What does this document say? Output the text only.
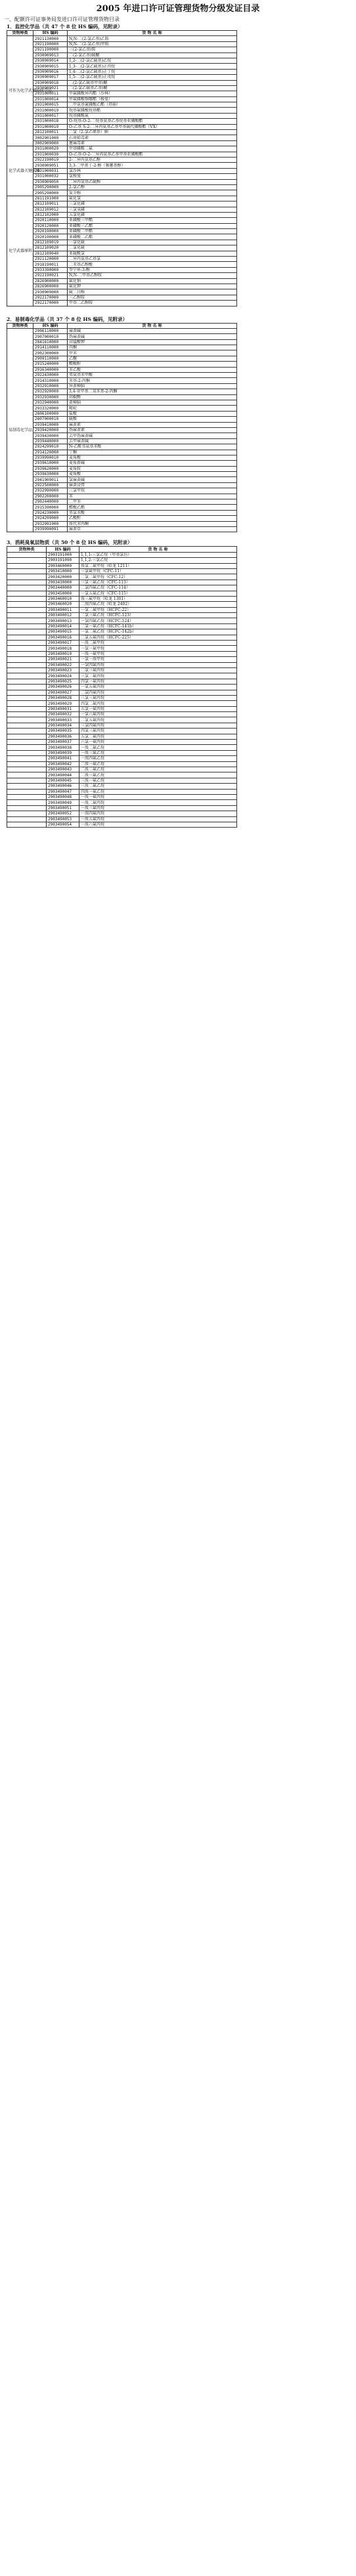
2005 年进口许可证管理货物分级发证目录
一、配额许可证事务局发进口许可证管理货物目录
1．监控化学品（共 47 个 8 位 HS 编码，见附录）
货物种类	HS 编码	货 物 名 称
可作为化学武器的化学品	2921130000	N,N-二(2-氯乙基)乙胺
	2921190000	N,N-二(2-氯乙基)甲胺
	2921190000	三(2-氯乙基)胺
	2930909013	二(2-氯乙基)硫醚
	2930909014	1,2-二(2-氯乙硫基)乙烷
	2930909015	1,3-二(2-氯乙硫基)正丙烷
	2930909016	1,4-二(2-氯乙硫基)正丁烷
	2930909017	1,5-二(2-氯乙硫基)正戊烷
	2930909018	二(2-氯乙硫基甲基)醚
	2930909021	二(2-氯乙硫基乙基)醚
	2931000011	甲氟膦酸异丙酯（沙林）
	2931000014	甲氟膦酸频哪酯（梭曼）
	2931000015	二甲氨基氰膦酸乙酯（塔崩）
	2931000019	烷基氟膦酸烷基酯
	2931000017	烷基膦酰氟
	2931000018	O-烷基-O-2-二烷基氨基乙基烷基亚膦酸酯
	2931000019	O-乙基 S-2-二异丙氨基乙基甲基硫代膦酸酯（VX）
	2812100011	二氯（2-氯乙烯基）胂
	3002901000	石房蛤毒素
	3002909000	蓖麻毒素
化学武器关键前体	2931000029	甲基膦酰二氟
	2931000030	O-乙基-O-2-二异丙氨基乙基甲基亚膦酸酯
	2922190019	2-二异丙氨基乙醇
	2930909051	3,3-二甲基丁-2-醇（频哪基醇）
	2931000031	氯沙林
	2931000032	氯梭曼
	2930909050	二异丙氨基乙硫醇
	2905290000	2-氯乙醇
	2905290000	氮芥醇
化学武器原料	2811191000	氟化氢
	2812109011	三氯化磷
	2812109012	三氯氧磷
	2812102000	五氯化磷
	2920110000	亚磷酸三甲酯
	2920120000	亚磷酸三乙酯
	2920190000	亚磷酸二甲酯
	2920190000	亚磷酸二乙酯
	2812109019	一氯化硫
	2812109020	二氯化硫
	2812109040	亚硫酰氯
	2921120000	二异丙氨基乙基氯
	2918190011	二苯基乙醇酸
	2933390000	奎宁环-3-醇
	2922190021	N,N-二甲基乙醇胺
	2826900000	氟化钠
	2826900000	氟化钾
	2930909000	硫二甘醇
	2922170000	三乙醇胺
	2922170000	甲基二乙醇胺
2．易制毒化学品（共 37 个 8 位 HS 编码，见附录）
货物种类	HS 编码	货 物 名 称
易制毒化学品	2906110000	麻黄碱
	2907000010	伪麻黄碱
	2841610000	高锰酸钾
	2914110000	丙酮
	2902300000	甲苯
	2909110000	乙醚
	2915240000	醋酸酐
	2916340000	苯乙酸
	2922430000	邻氨基苯甲酸
	2914310000	苯基-2-丙酮
	2932910000	异黄樟脑
	2932920000	3,4-亚甲基二氧苯基-2-丙酮
	2932930000	胡椒醛
	2932940000	黄樟脑
	2933320000	哌啶
	2806100000	盐酸
	2807000010	硫酸
	2939410000	麻黄素
	2939420000	伪麻黄素
	2939430000	去甲伪麻黄碱
	2939440000	去甲麻黄碱
	2924299010	N-乙酰邻氨基苯酸
	2914120000	丁酮
	2939990010	麦角酸
	2939610000	麦角新碱
	2939620000	麦角胺
	2939630000	麦角酸
	2941909011	氯麻黄碱
	2922500000	麻黄浸膏
	2932990000	三氯甲烷
	2902200000	苯
	2902440000	二甲苯
	2915390000	醋酸乙酯
	2924230000	邻氯苯酸
	2924299000	乙酸酐
	2932991000	溴代苯丙酮
	2939990091	麻黄草
3．消耗臭氧层物质（共 50 个 8 位 HS 编码，见附录）
货物种类	HS 编码	货 物 名 称
	2903191000	1,1,1-三氯乙烷（甲基氯仿）
	2903191090	1,1,2-三氯乙烷
	2903460000	溴氯二氟甲烷（哈龙 1211）
	2903410000	三氯氟甲烷（CFC-11）
	2903420000	二氯二氟甲烷（CFC-12）
	2903430000	三氯三氟乙烷（CFC-113）
	2903440000	二氯四氟乙烷（CFC-114）
	2903450000	一氯五氟乙烷（CFC-115）
	2903460010	溴三氟甲烷（哈龙 1301）
	2903460020	二溴四氟乙烷（哈龙 2402）
	2903490011	一氯二氟甲烷（HCFC-22）
	2903490012	二氯三氟乙烷（HCFC-123）
	2903490013	一氯四氟乙烷（HCFC-124）
	2903490014	二氯一氟乙烷（HCFC-141b）
	2903490015	一氯二氟乙烷（HCFC-142b）
	2903490016	二氯五氟丙烷（HCFC-225）
	2903490017	一溴二氟甲烷
	2903490018	一氯一氟甲烷
	2903490019	一溴一氟甲烷
	2903490021	一氯一溴甲烷
	2903490022	一氯四氟丙烷
	2903490023	二氯三氟丙烷
	2903490024	三氯二氟丙烷
	2903490025	四氯一氟丙烷
	2903490026	一氯五氟丙烷
	2903490027	二氯四氟丙烷
	2903490028	三氯三氟丙烷
	2903490029	四氯二氟丙烷
	2903490031	五氯一氟丙烷
	2903490032	一氯六氟丙烷
	2903490033	二氯五氟丙烷
	2903490034	三氯四氟丙烷
	2903490035	四氯三氟丙烷
	2903490036	五氯二氟丙烷
	2903490037	六氯一氟丙烷
	2903490038	一溴二氟乙烷
	2903490039	一溴三氟乙烷
	2903490041	一溴四氟乙烷
	2903490042	二溴一氟乙烷
	2903490043	二溴二氟乙烷
	2903490044	二溴三氟乙烷
	2903490045	三溴一氟乙烷
	2903490046	三溴二氟乙烷
	2903490047	四溴一氟乙烷
	2903490048	一溴一氟丙烷
	2903490049	一溴二氟丙烷
	2903490051	一溴三氟丙烷
	2903490052	一溴四氟丙烷
	2903490053	一溴五氟丙烷
	2903490054	一溴六氟丙烷
